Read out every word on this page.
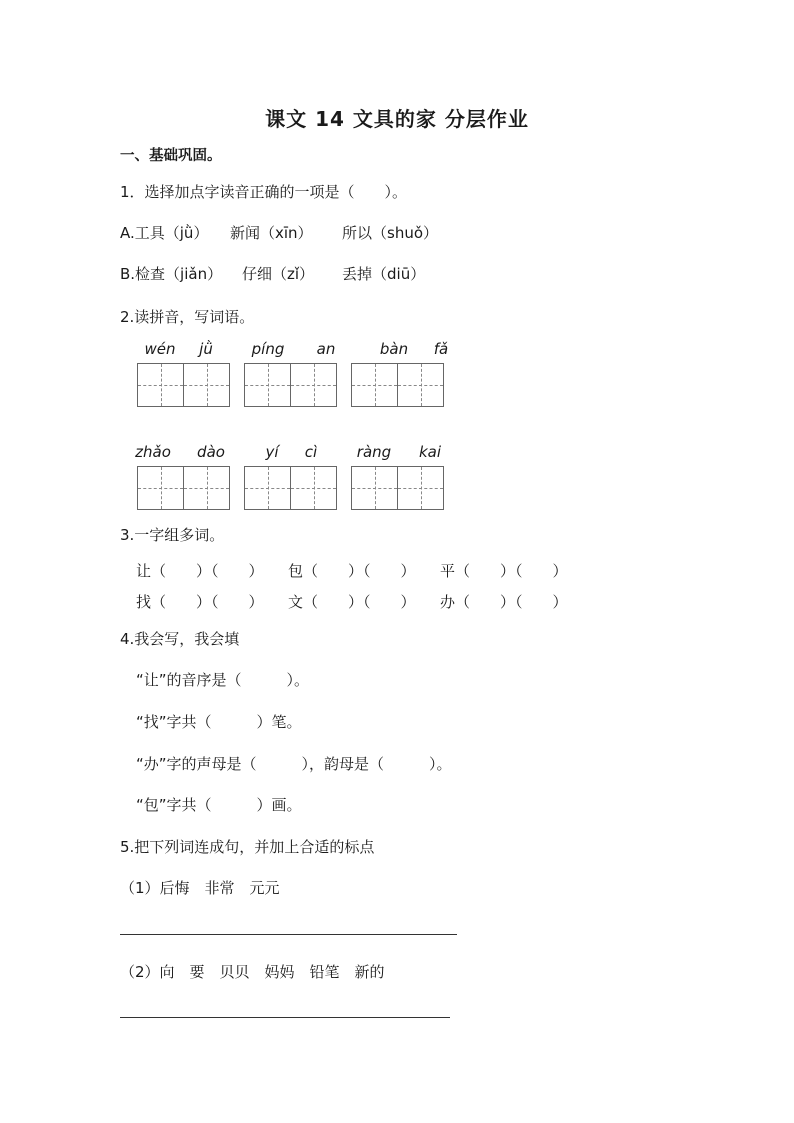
课文 14 文具的家 分层作业
一、基础巩固。
1．选择加点字读音正确的一项是（　　）。
A.工具（jǜ） 新闻（xīn） 所以（shuǒ）
B.检查（jiǎn） 仔细（zǐ） 丢掉（diū）
2.读拼音，写词语。
wén jǜ	píng an	bàn fǎ
zhǎo dào	yí cì	ràng kai
3.一字组多词。
让（　　）（　　） 包（　　）（　　） 平（　　）（　　）
找（　　）（　　） 文（　　）（　　） 办（　　）（　　）
4.我会写，我会填
“让”的音序是（　　　）。
“找”字共（　　　）笔。
“办”字的声母是（　　　），韵母是（　　　）。
“包”字共（　　　）画。
5.把下列词连成句，并加上合适的标点
（1）后悔　非常　元元
（2）向　要　贝贝　妈妈　铅笔　新的
